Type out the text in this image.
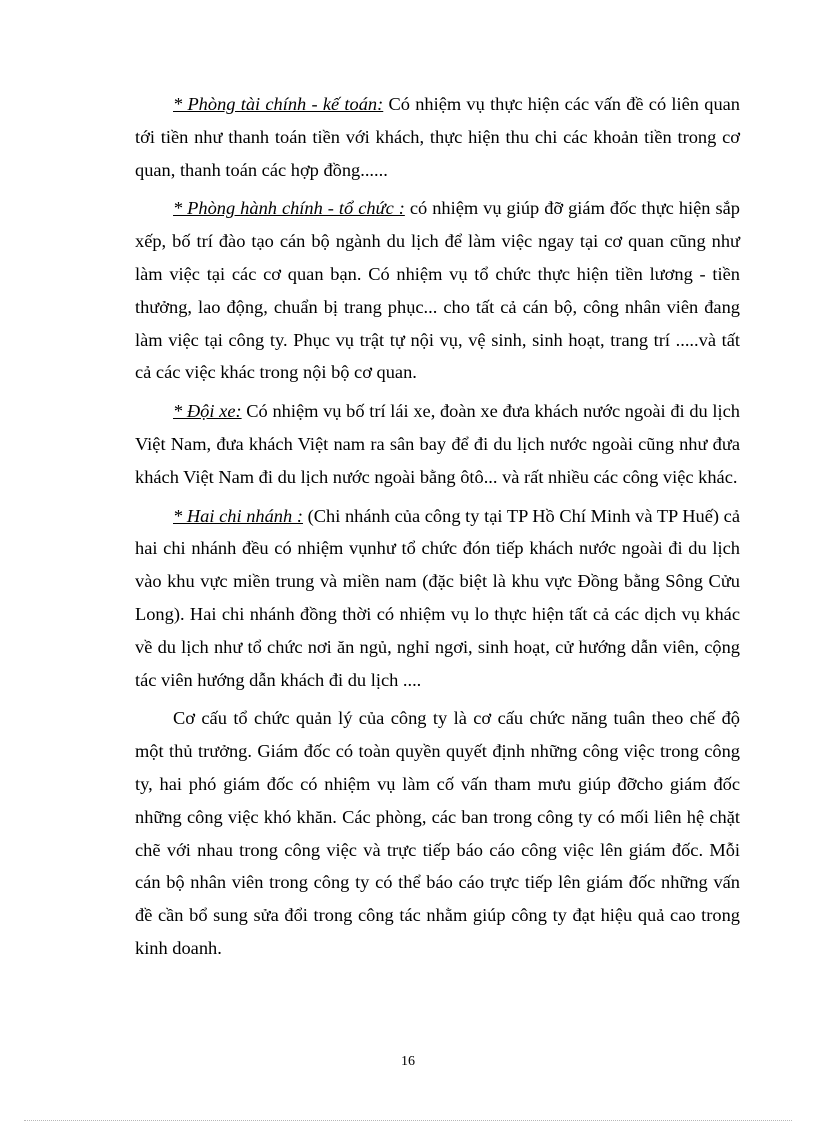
* Phòng tài chính - kế toán: Có nhiệm vụ thực hiện các vấn đề có liên quan tới tiền như thanh toán tiền với khách, thực hiện thu chi các khoản tiền trong cơ quan, thanh toán các hợp đồng......

* Phòng hành chính - tổ chức : có nhiệm vụ giúp đỡ giám đốc thực hiện sắp xếp, bố trí đào tạo cán bộ ngành du lịch để làm việc ngay tại cơ quan cũng như làm việc tại các cơ quan bạn. Có nhiệm vụ tổ chức thực hiện tiền lương - tiền thưởng, lao động, chuẩn bị trang phục... cho tất cả cán bộ, công nhân viên đang làm việc tại công ty. Phục vụ trật tự nội vụ, vệ sinh, sinh hoạt, trang trí .....và tất cả các việc khác trong nội bộ cơ quan.

* Đội xe: Có nhiệm vụ bố trí lái xe, đoàn xe đưa khách nước ngoài đi du lịch Việt Nam, đưa khách Việt nam ra sân bay để đi du lịch nước ngoài cũng như đưa khách Việt Nam đi du lịch nước ngoài bằng ôtô... và rất nhiều các công việc khác.

* Hai chi nhánh : (Chi nhánh của công ty tại TP Hồ Chí Minh và TP Huế) cả hai chi nhánh đều có nhiệm vụnhư tổ chức đón tiếp khách nước ngoài đi du lịch vào khu vực miền trung và miền nam (đặc biệt là khu vực Đồng bằng Sông Cửu Long). Hai chi nhánh đồng thời có nhiệm vụ lo thực hiện tất cả các dịch vụ khác về du lịch như tổ chức nơi ăn ngủ, nghỉ ngơi, sinh hoạt, cử hướng dẫn viên, cộng tác viên hướng dẫn khách đi du lịch ....

Cơ cấu tổ chức quản lý của công ty là cơ cấu chức năng tuân theo chế độ một thủ trưởng. Giám đốc có toàn quyền quyết định những công việc trong công ty, hai phó giám đốc có nhiệm vụ làm cố vấn tham mưu giúp đỡcho giám đốc những công việc khó khăn. Các phòng, các ban trong công ty có mối liên hệ chặt chẽ với nhau trong công việc và trực tiếp báo cáo công việc lên giám đốc. Mỗi cán bộ nhân viên trong công ty có thể báo cáo trực tiếp lên giám đốc những vấn đề cần bổ sung sửa đổi trong công tác nhằm giúp công ty đạt hiệu quả cao trong kinh doanh.

16
